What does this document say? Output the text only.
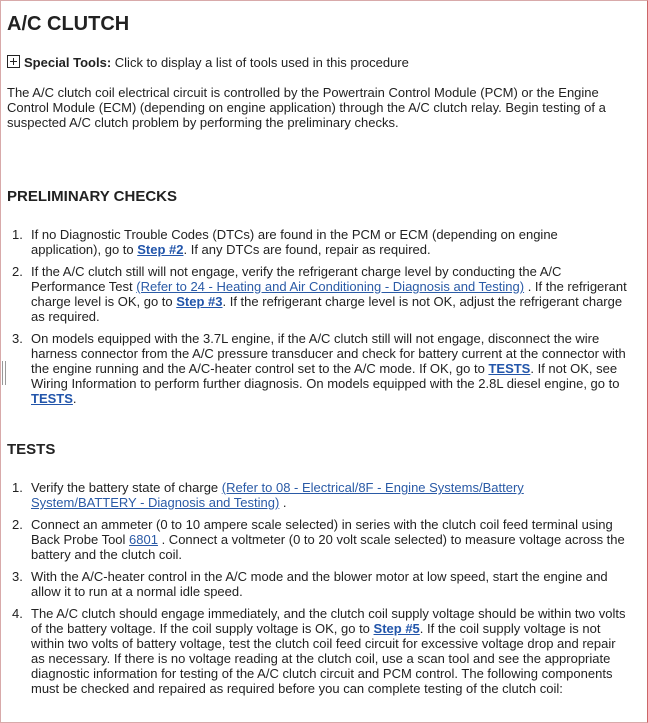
A/C CLUTCH
Special Tools: Click to display a list of tools used in this procedure

The A/C clutch coil electrical circuit is controlled by the Powertrain Control Module (PCM) or the Engine Control Module (ECM) (depending on engine application) through the A/C clutch relay. Begin testing of a suspected A/C clutch problem by performing the preliminary checks.

PRELIMINARY CHECKS
1. If no Diagnostic Trouble Codes (DTCs) are found in the PCM or ECM (depending on engine application), go to Step #2. If any DTCs are found, repair as required.
2. If the A/C clutch still will not engage, verify the refrigerant charge level by conducting the A/C Performance Test (Refer to 24 - Heating and Air Conditioning - Diagnosis and Testing) . If the refrigerant charge level is OK, go to Step #3. If the refrigerant charge level is not OK, adjust the refrigerant charge as required.
3. On models equipped with the 3.7L engine, if the A/C clutch still will not engage, disconnect the wire harness connector from the A/C pressure transducer and check for battery current at the connector with the engine running and the A/C-heater control set to the A/C mode. If OK, go to TESTS. If not OK, see Wiring Information to perform further diagnosis. On models equipped with the 2.8L diesel engine, go to TESTS.
TESTS
1. Verify the battery state of charge (Refer to 08 - Electrical/8F - Engine Systems/Battery System/BATTERY - Diagnosis and Testing) .
2. Connect an ammeter (0 to 10 ampere scale selected) in series with the clutch coil feed terminal using Back Probe Tool 6801 . Connect a voltmeter (0 to 20 volt scale selected) to measure voltage across the battery and the clutch coil.
3. With the A/C-heater control in the A/C mode and the blower motor at low speed, start the engine and allow it to run at a normal idle speed.
4. The A/C clutch should engage immediately, and the clutch coil supply voltage should be within two volts of the battery voltage. If the coil supply voltage is OK, go to Step #5. If the coil supply voltage is not within two volts of battery voltage, test the clutch coil feed circuit for excessive voltage drop and repair as necessary. If there is no voltage reading at the clutch coil, use a scan tool and see the appropriate diagnostic information for testing of the A/C clutch circuit and PCM control. The following components must be checked and repaired as required before you can complete testing of the clutch coil:
